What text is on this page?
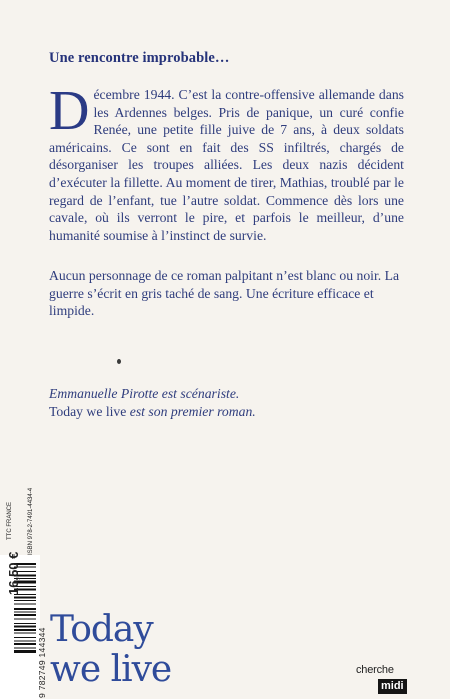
Une rencontre improbable…
Décembre 1944. C’est la contre-offensive allemande dans les Ardennes belges. Pris de panique, un curé confie Renée, une petite fille juive de 7 ans, à deux soldats américains. Ce sont en fait des SS infiltrés, chargés de désorganiser les troupes alliées. Les deux nazis décident d’exécuter la fillette. Au moment de tirer, Mathias, troublé par le regard de l’enfant, tue l’autre soldat. Commence dès lors une cavale, où ils verront le pire, et parfois le meilleur, d’une humanité soumise à l’instinct de survie.
Aucun personnage de ce roman palpitant n’est blanc ou noir. La guerre s’écrit en gris taché de sang. Une écriture efficace et limpide.
Emmanuelle Pirotte est scénariste.
Today we live est son premier roman.
16,50 €
TTC FRANCE	ISBN 978-2-7491-4434-4
9 782749 144344 Today
we live	cherche
midi
